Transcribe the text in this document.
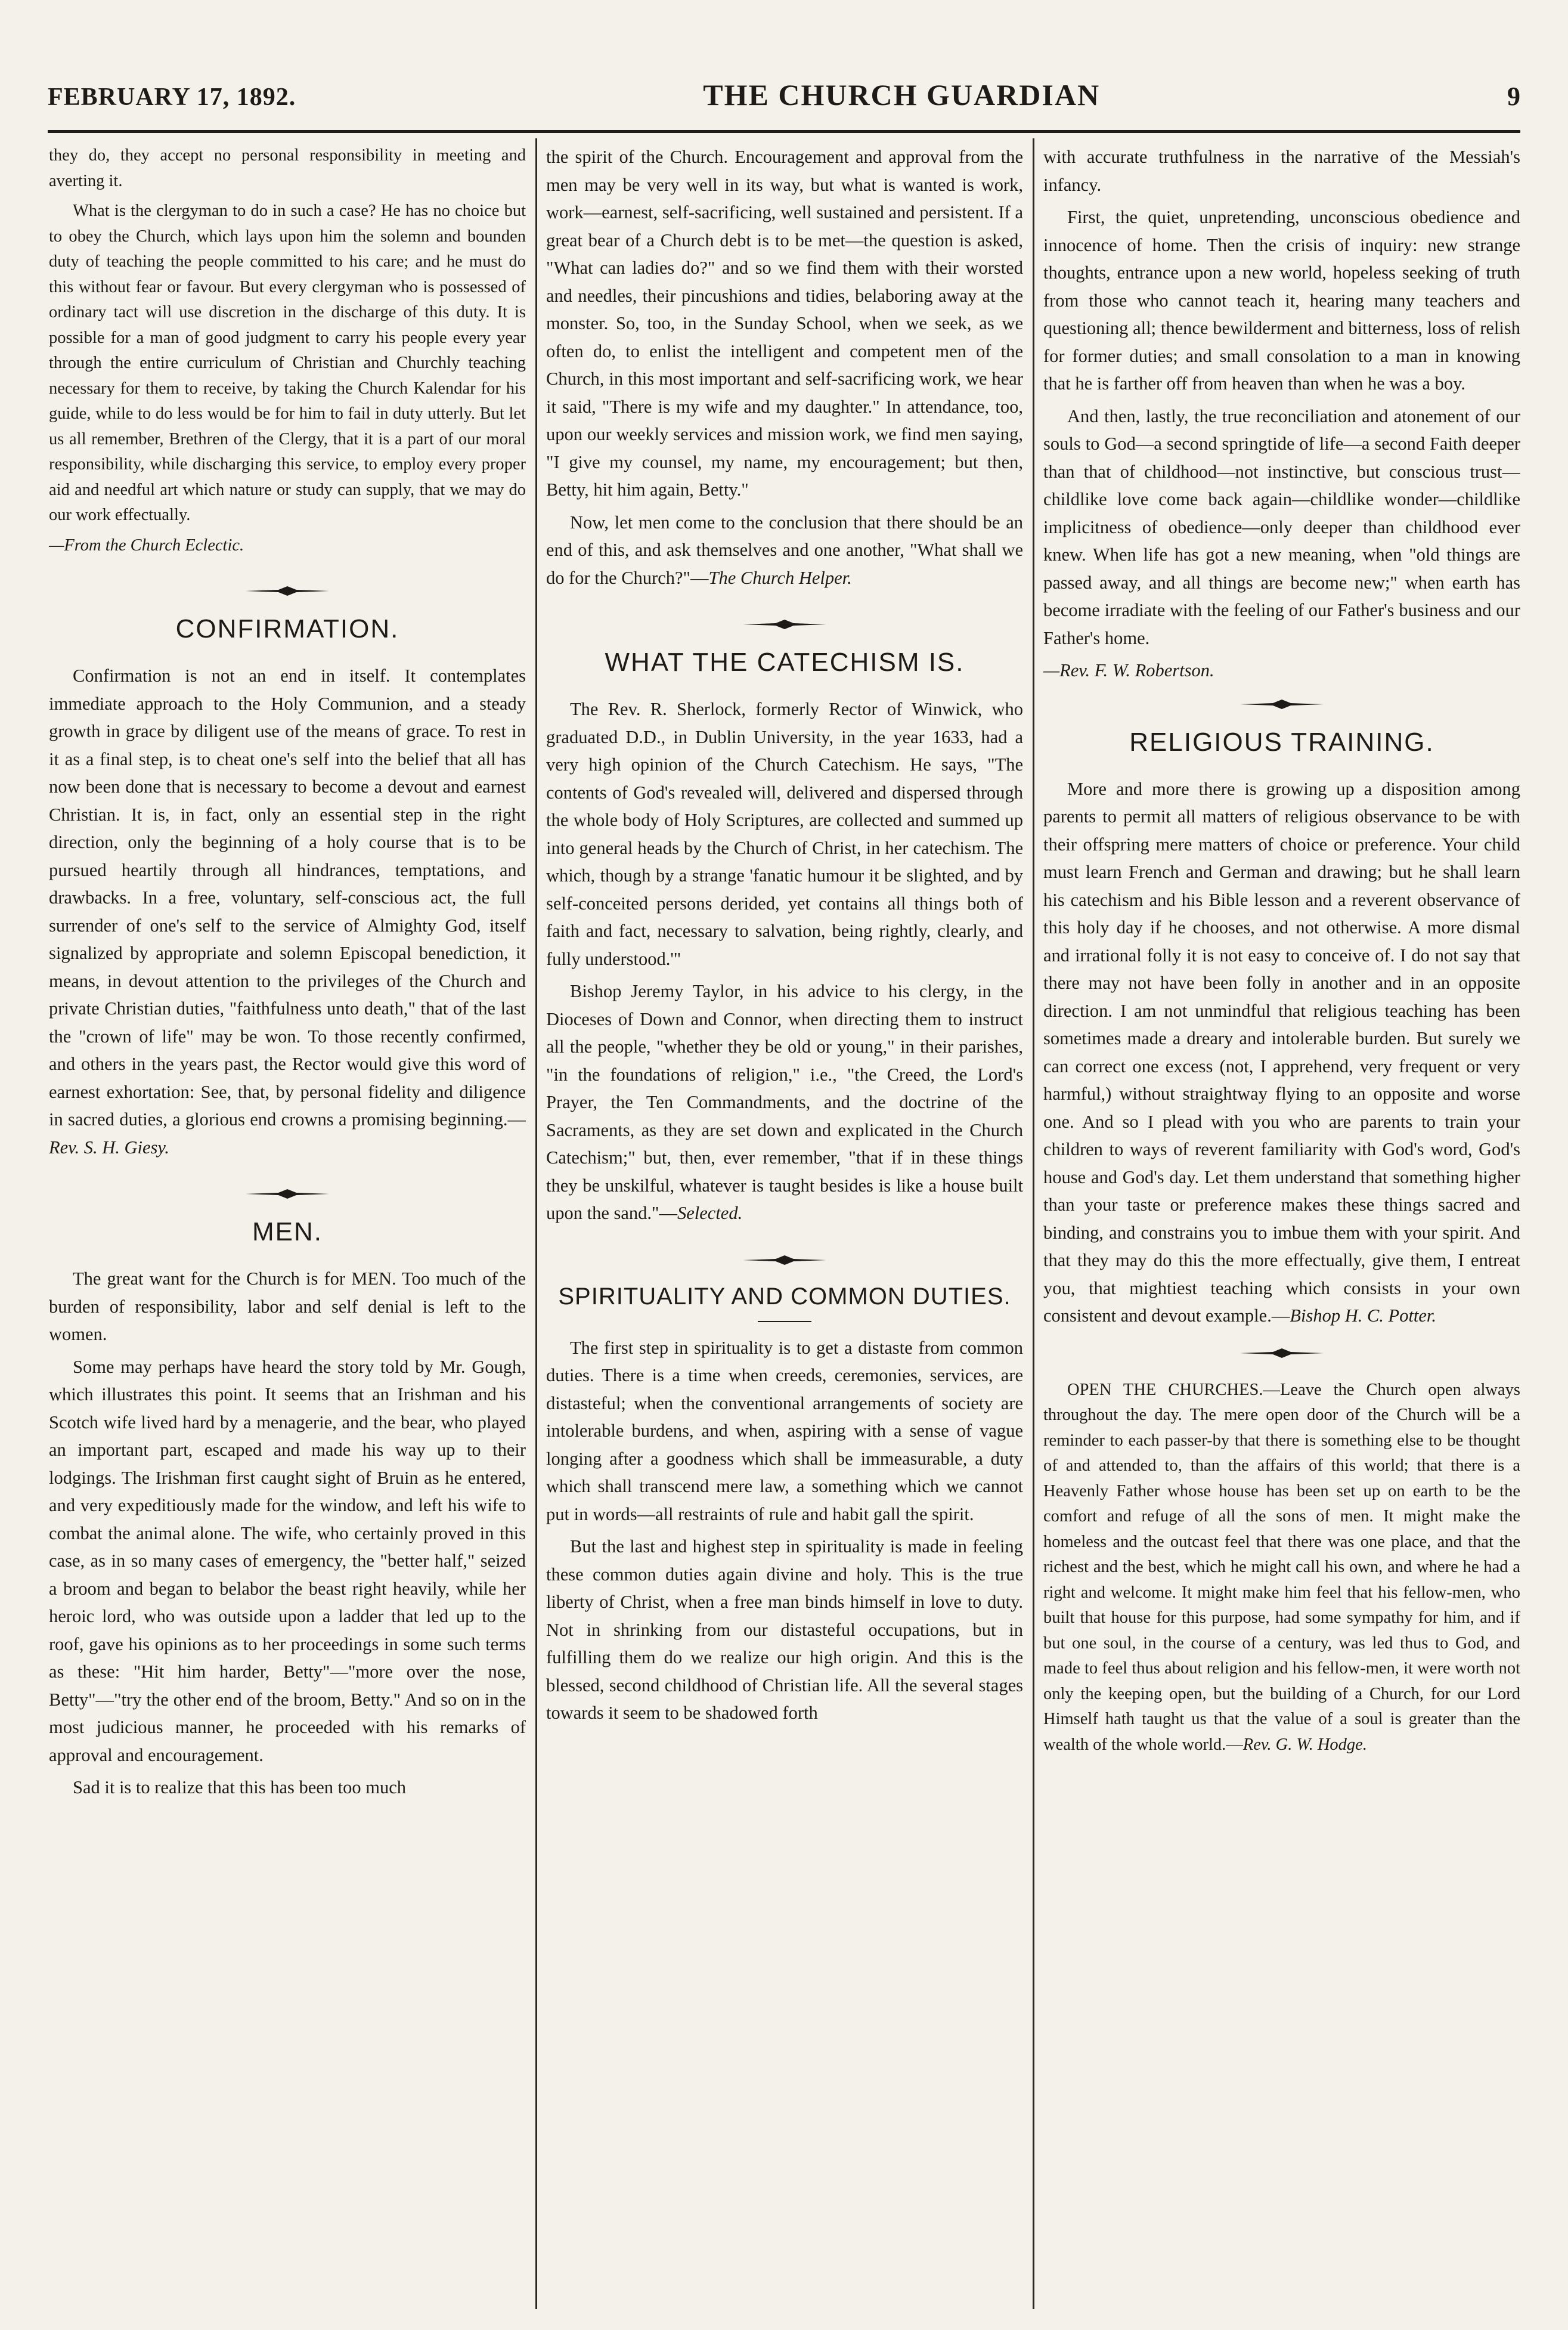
FEBRUARY 17, 1892.	THE CHURCH GUARDIAN	9

they do, they accept no personal responsibility in meeting and averting it.

What is the clergyman to do in such a case? He has no choice but to obey the Church, which lays upon him the solemn and bounden duty of teaching the people committed to his care; and he must do this without fear or favour. But every clergyman who is possessed of ordinary tact will use discretion in the discharge of this duty. It is possible for a man of good judgment to carry his people every year through the entire curriculum of Christian and Churchly teaching necessary for them to receive, by taking the Church Kalendar for his guide, while to do less would be for him to fail in duty utterly. But let us all remember, Brethren of the Clergy, that it is a part of our moral responsibility, while discharging this service, to employ every proper aid and needful art which nature or study can supply, that we may do our work effectually.

—From the Church Eclectic.

CONFIRMATION.

Confirmation is not an end in itself. It contemplates immediate approach to the Holy Communion, and a steady growth in grace by diligent use of the means of grace. To rest in it as a final step, is to cheat one's self into the belief that all has now been done that is necessary to become a devout and earnest Christian. It is, in fact, only an essential step in the right direction, only the beginning of a holy course that is to be pursued heartily through all hindrances, temptations, and drawbacks. In a free, voluntary, self-conscious act, the full surrender of one's self to the service of Almighty God, itself signalized by appropriate and solemn Episcopal benediction, it means, in devout attention to the privileges of the Church and private Christian duties, "faithfulness unto death," that of the last the "crown of life" may be won. To those recently confirmed, and others in the years past, the Rector would give this word of earnest exhortation: See, that, by personal fidelity and diligence in sacred duties, a glorious end crowns a promising beginning.—Rev. S. H. Giesy.

MEN.

The great want for the Church is for MEN. Too much of the burden of responsibility, labor and self denial is left to the women.

Some may perhaps have heard the story told by Mr. Gough, which illustrates this point. It seems that an Irishman and his Scotch wife lived hard by a menagerie, and the bear, who played an important part, escaped and made his way up to their lodgings. The Irishman first caught sight of Bruin as he entered, and very expeditiously made for the window, and left his wife to combat the animal alone. The wife, who certainly proved in this case, as in so many cases of emergency, the "better half," seized a broom and began to belabor the beast right heavily, while her heroic lord, who was outside upon a ladder that led up to the roof, gave his opinions as to her proceedings in some such terms as these: "Hit him harder, Betty"—"more over the nose, Betty"—"try the other end of the broom, Betty." And so on in the most judicious manner, he proceeded with his remarks of approval and encouragement.

Sad it is to realize that this has been too much

the spirit of the Church. Encouragement and approval from the men may be very well in its way, but what is wanted is work, work—earnest, self-sacrificing, well sustained and persistent. If a great bear of a Church debt is to be met—the question is asked, "What can ladies do?" and so we find them with their worsted and needles, their pincushions and tidies, belaboring away at the monster. So, too, in the Sunday School, when we seek, as we often do, to enlist the intelligent and competent men of the Church, in this most important and self-sacrificing work, we hear it said, "There is my wife and my daughter." In attendance, too, upon our weekly services and mission work, we find men saying, "I give my counsel, my name, my encouragement; but then, Betty, hit him again, Betty."

Now, let men come to the conclusion that there should be an end of this, and ask themselves and one another, "What shall we do for the Church?"—The Church Helper.

WHAT THE CATECHISM IS.

The Rev. R. Sherlock, formerly Rector of Winwick, who graduated D.D., in Dublin University, in the year 1633, had a very high opinion of the Church Catechism. He says, "The contents of God's revealed will, delivered and dispersed through the whole body of Holy Scriptures, are collected and summed up into general heads by the Church of Christ, in her catechism. The which, though by a strange 'fanatic humour it be slighted, and by self-conceited persons derided, yet contains all things both of faith and fact, necessary to salvation, being rightly, clearly, and fully understood.'"

Bishop Jeremy Taylor, in his advice to his clergy, in the Dioceses of Down and Connor, when directing them to instruct all the people, "whether they be old or young," in their parishes, "in the foundations of religion," i.e., "the Creed, the Lord's Prayer, the Ten Commandments, and the doctrine of the Sacraments, as they are set down and explicated in the Church Catechism;" but, then, ever remember, "that if in these things they be unskilful, whatever is taught besides is like a house built upon the sand."—Selected.

SPIRITUALITY AND COMMON DUTIES.

The first step in spirituality is to get a distaste from common duties. There is a time when creeds, ceremonies, services, are distasteful; when the conventional arrangements of society are intolerable burdens, and when, aspiring with a sense of vague longing after a goodness which shall be immeasurable, a duty which shall transcend mere law, a something which we cannot put in words—all restraints of rule and habit gall the spirit.

But the last and highest step in spirituality is made in feeling these common duties again divine and holy. This is the true liberty of Christ, when a free man binds himself in love to duty. Not in shrinking from our distasteful occupations, but in fulfilling them do we realize our high origin. And this is the blessed, second childhood of Christian life. All the several stages towards it seem to be shadowed forth

with accurate truthfulness in the narrative of the Messiah's infancy.

First, the quiet, unpretending, unconscious obedience and innocence of home. Then the crisis of inquiry: new strange thoughts, entrance upon a new world, hopeless seeking of truth from those who cannot teach it, hearing many teachers and questioning all; thence bewilderment and bitterness, loss of relish for former duties; and small consolation to a man in knowing that he is farther off from heaven than when he was a boy.

And then, lastly, the true reconciliation and atonement of our souls to God—a second springtide of life—a second Faith deeper than that of childhood—not instinctive, but conscious trust—childlike love come back again—childlike wonder—childlike implicitness of obedience—only deeper than childhood ever knew. When life has got a new meaning, when "old things are passed away, and all things are become new;" when earth has become irradiate with the feeling of our Father's business and our Father's home.

—Rev. F. W. Robertson.

RELIGIOUS TRAINING.

More and more there is growing up a disposition among parents to permit all matters of religious observance to be with their offspring mere matters of choice or preference. Your child must learn French and German and drawing; but he shall learn his catechism and his Bible lesson and a reverent observance of this holy day if he chooses, and not otherwise. A more dismal and irrational folly it is not easy to conceive of. I do not say that there may not have been folly in another and in an opposite direction. I am not unmindful that religious teaching has been sometimes made a dreary and intolerable burden. But surely we can correct one excess (not, I apprehend, very frequent or very harmful,) without straightway flying to an opposite and worse one. And so I plead with you who are parents to train your children to ways of reverent familiarity with God's word, God's house and God's day. Let them understand that something higher than your taste or preference makes these things sacred and binding, and constrains you to imbue them with your spirit. And that they may do this the more effectually, give them, I entreat you, that mightiest teaching which consists in your own consistent and devout example.—Bishop H. C. Potter.

OPEN THE CHURCHES.—Leave the Church open always throughout the day. The mere open door of the Church will be a reminder to each passer-by that there is something else to be thought of and attended to, than the affairs of this world; that there is a Heavenly Father whose house has been set up on earth to be the comfort and refuge of all the sons of men. It might make the homeless and the outcast feel that there was one place, and that the richest and the best, which he might call his own, and where he had a right and welcome. It might make him feel that his fellow-men, who built that house for this purpose, had some sympathy for him, and if but one soul, in the course of a century, was led thus to God, and made to feel thus about religion and his fellow-men, it were worth not only the keeping open, but the building of a Church, for our Lord Himself hath taught us that the value of a soul is greater than the wealth of the whole world.—Rev. G. W. Hodge.
